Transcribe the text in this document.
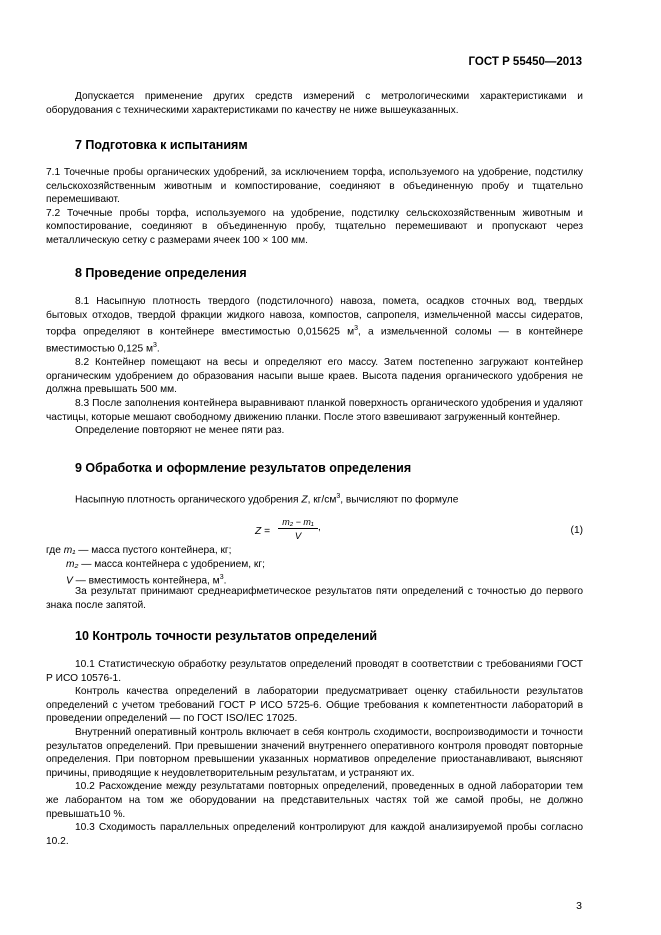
ГОСТ Р 55450—2013

Допускается применение других средств измерений с метрологическими характеристиками и оборудования с техническими характеристиками по качеству не ниже вышеуказанных.

7 Подготовка к испытаниям

7.1 Точечные пробы органических удобрений, за исключением торфа, используемого на удобрение, подстилку сельскохозяйственным животным и компостирование, соединяют в объединенную пробу и тщательно перемешивают.

7.2 Точечные пробы торфа, используемого на удобрение, подстилку сельскохозяйственным животным и компостирование, соединяют в объединенную пробу, тщательно перемешивают и пропускают через металлическую сетку с размерами ячеек 100 × 100 мм.

8 Проведение определения

8.1 Насыпную плотность твердого (подстилочного) навоза, помета, осадков сточных вод, твердых бытовых отходов, твердой фракции жидкого навоза, компостов, сапропеля, измельченной массы сидератов, торфа определяют в контейнере вместимостью 0,015625 $м^3$, а измельченной соломы — в контейнере вместимостью 0,125 $м^3$.

8.2 Контейнер помещают на весы и определяют его массу. Затем постепенно загружают контейнер органическим удобрением до образования насыпи выше краев. Высота падения органического удобрения не должна превышать 500 мм.

8.3 После заполнения контейнера выравнивают планкой поверхность органического удобрения и удаляют частицы, которые мешают свободному движению планки. После этого взвешивают загруженный контейнер.

Определение повторяют не менее пяти раз.

9 Обработка и оформление результатов определения

Насыпную плотность органического удобрения Z, $кг/см^3$, вычисляют по формуле

Z =
m₂ − m₁
V
,	(1)
где m₁ — масса пустого контейнера, кг;
m₂ — масса контейнера с удобрением, кг;
V — вместимость контейнера, $м^3$.

За результат принимают среднеарифметическое результатов пяти определений с точностью до первого знака после запятой.

10 Контроль точности результатов определений

10.1 Статистическую обработку результатов определений проводят в соответствии с требованиями ГОСТ Р ИСО 10576-1.

Контроль качества определений в лаборатории предусматривает оценку стабильности результатов определений с учетом требований ГОСТ Р ИСО 5725-6. Общие требования к компетентности лабораторий в проведении определений — по ГОСТ ISO/IEC 17025.

Внутренний оперативный контроль включает в себя контроль сходимости, воспроизводимости и точности результатов определений. При превышении значений внутреннего оперативного контроля проводят повторные определения. При повторном превышении указанных нормативов определение приостанавливают, выясняют причины, приводящие к неудовлетворительным результатам, и устраняют их.

10.2 Расхождение между результатами повторных определений, проведенных в одной лаборатории тем же лаборантом на том же оборудовании на представительных частях той же самой пробы, не должно превышать10 %.

10.3 Сходимость параллельных определений контролируют для каждой анализируемой пробы согласно 10.2.

3
